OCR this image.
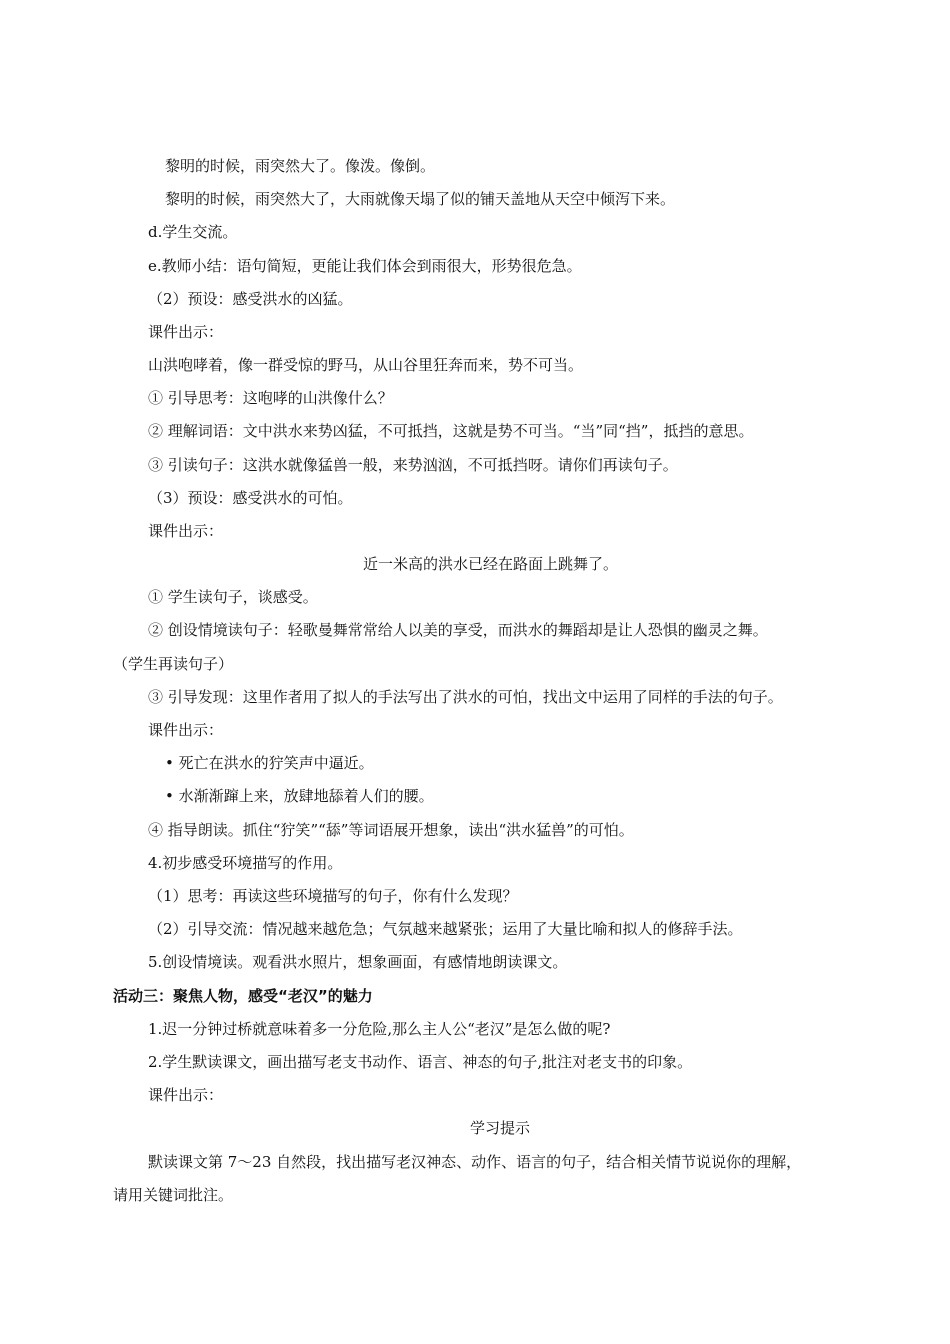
黎明的时候，雨突然大了。像泼。像倒。
黎明的时候，雨突然大了，大雨就像天塌了似的铺天盖地从天空中倾泻下来。
d.学生交流。
e.教师小结：语句简短，更能让我们体会到雨很大，形势很危急。
（2）预设：感受洪水的凶猛。
课件出示：
山洪咆哮着，像一群受惊的野马，从山谷里狂奔而来，势不可当。
① 引导思考：这咆哮的山洪像什么？
② 理解词语：文中洪水来势凶猛，不可抵挡，这就是势不可当。“当”同“挡”，抵挡的意思。
③ 引读句子：这洪水就像猛兽一般，来势汹汹，不可抵挡呀。请你们再读句子。
（3）预设：感受洪水的可怕。
课件出示：
近一米高的洪水已经在路面上跳舞了。
① 学生读句子，谈感受。
② 创设情境读句子：轻歌曼舞常常给人以美的享受，而洪水的舞蹈却是让人恐惧的幽灵之舞。
（学生再读句子）
③ 引导发现：这里作者用了拟人的手法写出了洪水的可怕，找出文中运用了同样的手法的句子。
课件出示：
• 死亡在洪水的狞笑声中逼近。
• 水渐渐蹿上来，放肆地舔着人们的腰。
④ 指导朗读。抓住“狞笑”“舔”等词语展开想象，读出“洪水猛兽”的可怕。
4.初步感受环境描写的作用。
（1）思考：再读这些环境描写的句子，你有什么发现？
（2）引导交流：情况越来越危急；气氛越来越紧张；运用了大量比喻和拟人的修辞手法。
5.创设情境读。观看洪水照片，想象画面，有感情地朗读课文。
活动三：聚焦人物，感受“老汉”的魅力
1.迟一分钟过桥就意味着多一分危险,那么主人公“老汉”是怎么做的呢?
2.学生默读课文，画出描写老支书动作、语言、神态的句子,批注对老支书的印象。
课件出示：
学习提示
默读课文第 7～23 自然段，找出描写老汉神态、动作、语言的句子，结合相关情节说说你的理解，
请用关键词批注。
